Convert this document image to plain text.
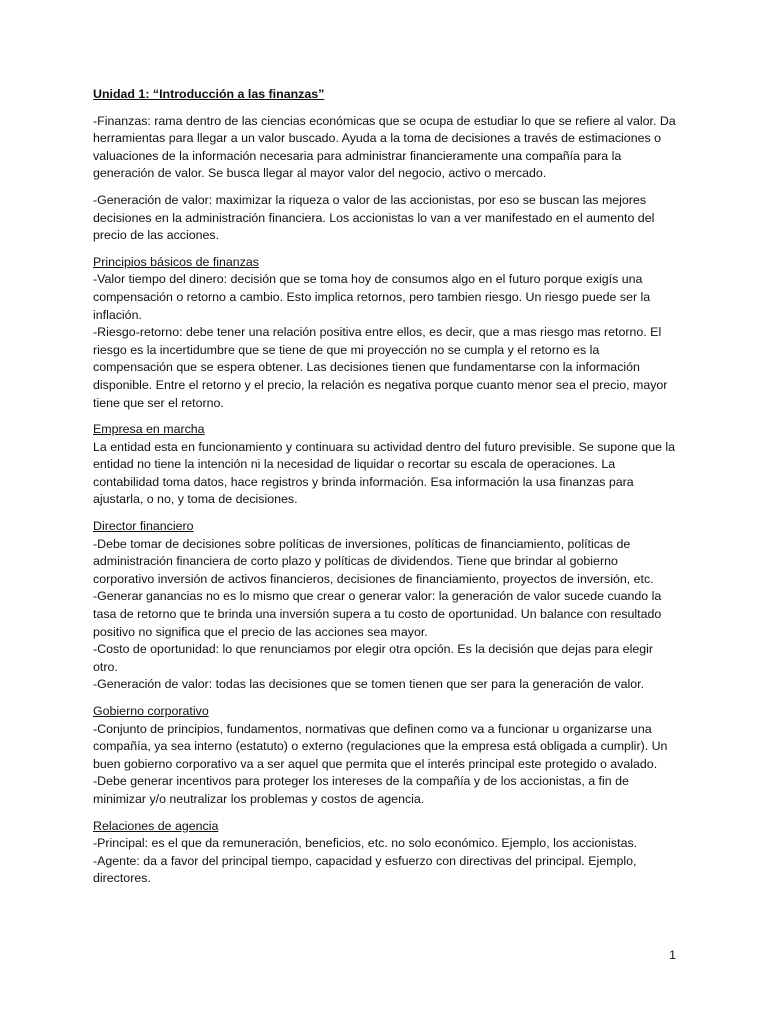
Unidad 1: “Introducción a las finanzas”
-Finanzas: rama dentro de las ciencias económicas que se ocupa de estudiar lo que se refiere al valor. Da herramientas para llegar a un valor buscado. Ayuda a la toma de decisiones a través de estimaciones o valuaciones de la información necesaria para administrar financieramente una compañía para la generación de valor. Se busca llegar al mayor valor del negocio, activo o mercado.
-Generación de valor: maximizar la riqueza o valor de las accionistas, por eso se buscan las mejores decisiones en la administración financiera. Los accionistas lo van a ver manifestado en el aumento del precio de las acciones.
Principios básicos de finanzas
-Valor tiempo del dinero: decisión que se toma hoy de consumos algo en el futuro porque exigís una compensación o retorno a cambio. Esto implica retornos, pero tambien riesgo. Un riesgo puede ser la inflación.
-Riesgo-retorno: debe tener una relación positiva entre ellos, es decir, que a mas riesgo mas retorno. El riesgo es la incertidumbre que se tiene de que mi proyección no se cumpla y el retorno es la compensación que se espera obtener. Las decisiones tienen que fundamentarse con la información disponible. Entre el retorno y el precio, la relación es negativa porque cuanto menor sea el precio, mayor tiene que ser el retorno.
Empresa en marcha
La entidad esta en funcionamiento y continuara su actividad dentro del futuro previsible. Se supone que la entidad no tiene la intención ni la necesidad de liquidar o recortar su escala de operaciones. La contabilidad toma datos, hace registros y brinda información. Esa información la usa finanzas para ajustarla, o no, y toma de decisiones.
Director financiero
-Debe tomar de decisiones sobre políticas de inversiones, políticas de financiamiento, políticas de administración financiera de corto plazo y políticas de dividendos. Tiene que brindar al gobierno corporativo inversión de activos financieros, decisiones de financiamiento, proyectos de inversión, etc.
-Generar ganancias no es lo mismo que crear o generar valor: la generación de valor sucede cuando la tasa de retorno que te brinda una inversión supera a tu costo de oportunidad. Un balance con resultado positivo no significa que el precio de las acciones sea mayor.
-Costo de oportunidad: lo que renunciamos por elegir otra opción. Es la decisión que dejas para elegir otro.
-Generación de valor: todas las decisiones que se tomen tienen que ser para la generación de valor.
Gobierno corporativo
-Conjunto de principios, fundamentos, normativas que definen como va a funcionar u organizarse una compañía, ya sea interno (estatuto) o externo (regulaciones que la empresa está obligada a cumplir). Un buen gobierno corporativo va a ser aquel que permita que el interés principal este protegido o avalado.
-Debe generar incentivos para proteger los intereses de la compañía y de los accionistas, a fin de minimizar y/o neutralizar los problemas y costos de agencia.
Relaciones de agencia
-Principal: es el que da remuneración, beneficios, etc. no solo económico. Ejemplo, los accionistas.
-Agente: da a favor del principal tiempo, capacidad y esfuerzo con directivas del principal. Ejemplo, directores.
1
